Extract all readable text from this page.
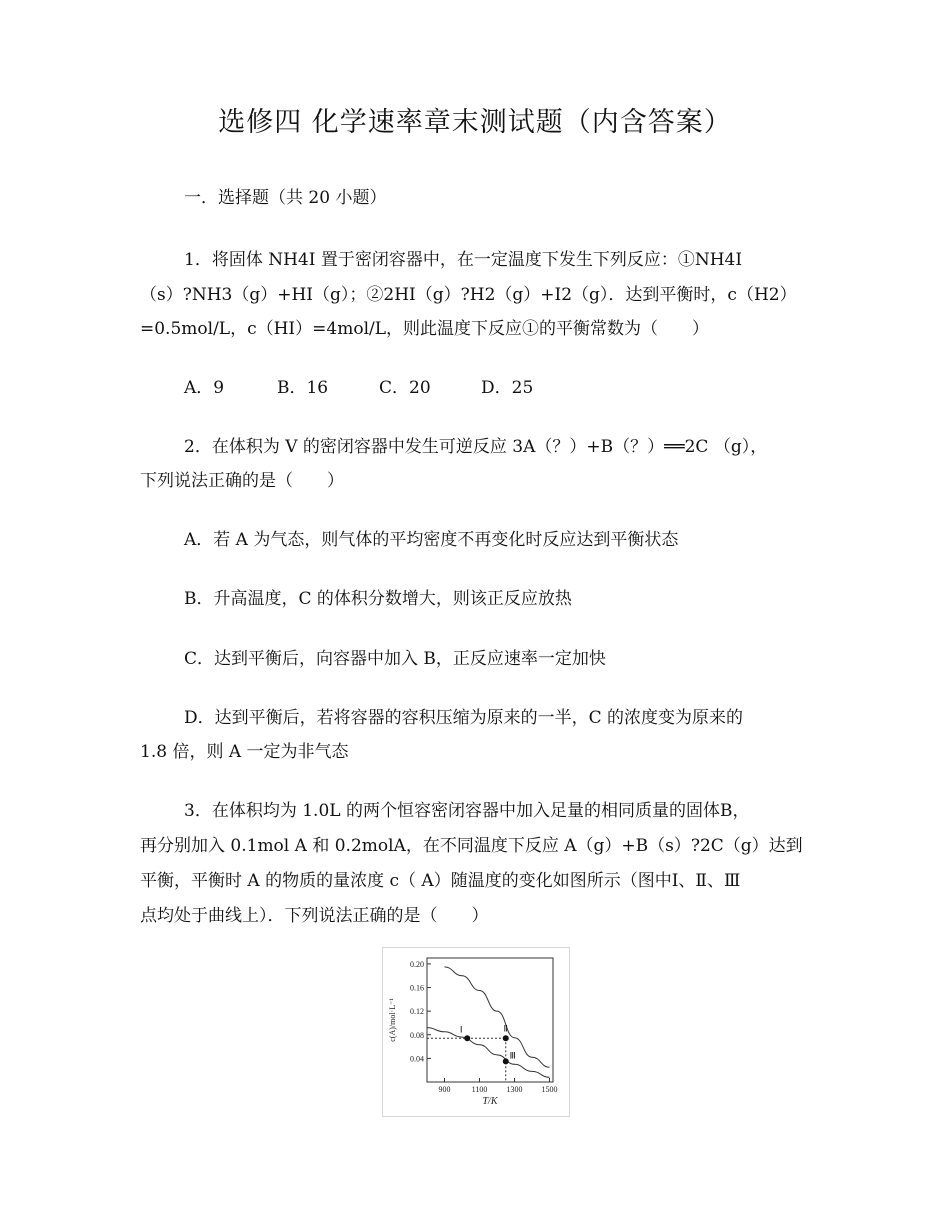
选修四 化学速率章末测试题（内含答案）
一．选择题（共 20 小题）
1．将固体 NH4I 置于密闭容器中，在一定温度下发生下列反应：①NH4I
（s）?NH3（g）+HI（g）；②2HI（g）?H2（g）+I2（g）．达到平衡时，c（H2）
=0.5mol/L，c（HI）=4mol/L，则此温度下反应①的平衡常数为（　　）
A．9	B．16	C．20	D．25
2．在体积为 V 的密闭容器中发生可逆反应 3A（？）+B（？）══2C （g），
下列说法正确的是（　　）
A．若 A 为气态，则气体的平均密度不再变化时反应达到平衡状态
B．升高温度，C 的体积分数增大，则该正反应放热
C．达到平衡后，向容器中加入 B，正反应速率一定加快
D．达到平衡后，若将容器的容积压缩为原来的一半，C 的浓度变为原来的
1.8 倍，则 A 一定为非气态
3．在体积均为 1.0L 的两个恒容密闭容器中加入足量的相同质量的固体B，
再分别加入 0.1mol A 和 0.2molA，在不同温度下反应 A（g）+B（s）?2C（g）达到
平衡，平衡时 A 的物质的量浓度 c（ A）随温度的变化如图所示（图中Ⅰ、Ⅱ、Ⅲ
点均处于曲线上）．下列说法正确的是（　　）
0.04
0.08
0.12
0.16
0.20
900	1100 1300 1500
T/K
c(A)/mol·L⁻¹	Ⅰ	Ⅱ
Ⅲ
